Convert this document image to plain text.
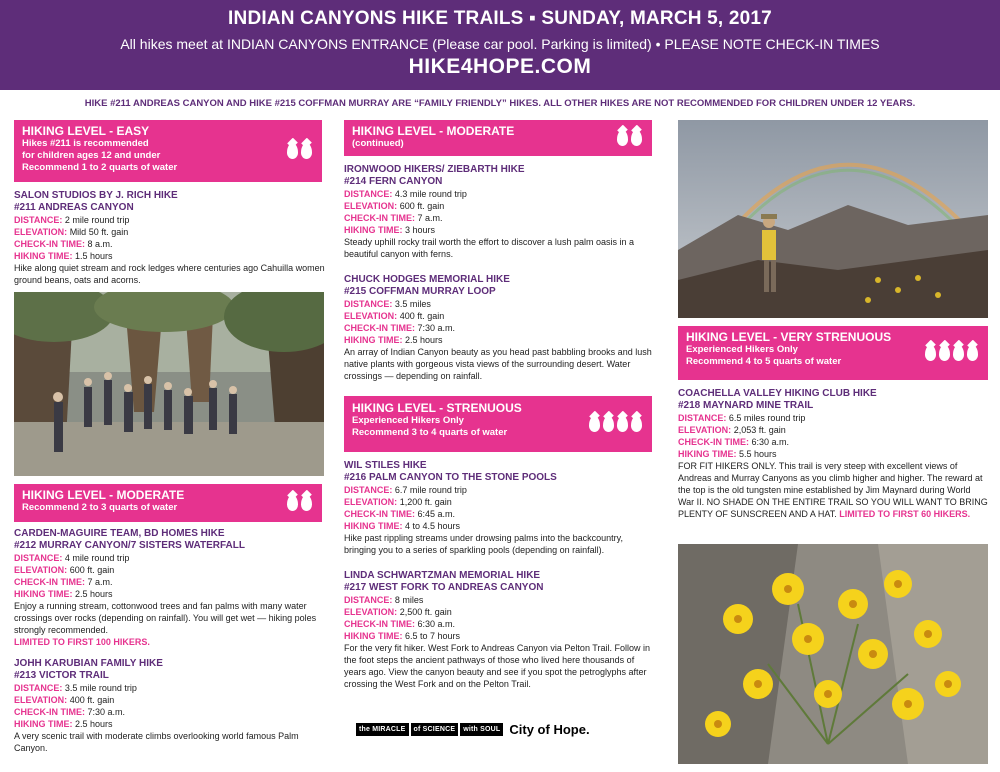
INDIAN CANYONS HIKE TRAILS ▪ SUNDAY, MARCH 5, 2017
All hikes meet at INDIAN CANYONS ENTRANCE (Please car pool. Parking is limited) • PLEASE NOTE CHECK-IN TIMES
HIKE4HOPE.COM
HIKE #211 ANDREAS CANYON AND HIKE #215 COFFMAN MURRAY ARE “FAMILY FRIENDLY” HIKES. ALL OTHER HIKES ARE NOT RECOMMENDED FOR CHILDREN UNDER 12 YEARS.
HIKING LEVEL - EASY
Hikes #211 is recommended
for children ages 12 and under
Recommend 1 to 2 quarts of water
SALON STUDIOS BY J. RICH HIKE
#211 ANDREAS CANYON
DISTANCE: 2 mile round trip
ELEVATION: Mild 50 ft. gain
CHECK-IN TIME: 8 a.m.
HIKING TIME: 1.5 hours
Hike along quiet stream and rock ledges where centuries ago Cahuilla women ground beans, oats and acorns.
HIKING LEVEL - MODERATE
Recommend 2 to 3 quarts of water
CARDEN-MAGUIRE TEAM, BD HOMES HIKE
#212 MURRAY CANYON/7 SISTERS WATERFALL
DISTANCE: 4 mile round trip
ELEVATION: 600 ft. gain
CHECK-IN TIME: 7 a.m.
HIKING TIME: 2.5 hours
Enjoy a running stream, cottonwood trees and fan palms with many water crossings over rocks (depending on rainfall). You will get wet — hiking poles strongly recommended.
LIMITED TO FIRST 100 HIKERS.
JOHH KARUBIAN FAMILY HIKE
#213 VICTOR TRAIL
DISTANCE: 3.5 mile round trip
ELEVATION: 400 ft. gain
CHECK-IN TIME: 7:30 a.m.
HIKING TIME: 2.5 hours
A very scenic trail with moderate climbs overlooking world famous Palm Canyon.
HIKING LEVEL - MODERATE
(continued)
IRONWOOD HIKERS/ ZIEBARTH HIKE
#214 FERN CANYON
DISTANCE: 4.3 mile round trip
ELEVATION: 600 ft. gain
CHECK-IN TIME: 7 a.m.
HIKING TIME: 3 hours
Steady uphill rocky trail worth the effort to discover a lush palm oasis in a beautiful canyon with ferns.
CHUCK HODGES MEMORIAL HIKE
#215 COFFMAN MURRAY LOOP
DISTANCE: 3.5 miles
ELEVATION: 400 ft. gain
CHECK-IN TIME: 7:30 a.m.
HIKING TIME: 2.5 hours
An array of Indian Canyon beauty as you head past babbling brooks and lush native plants with gorgeous vista views of the surrounding desert. Water crossings — depending on rainfall.
HIKING LEVEL - STRENUOUS
Experienced Hikers Only
Recommend 3 to 4 quarts of water
WIL STILES HIKE
#216 PALM CANYON TO THE STONE POOLS
DISTANCE: 6.7 mile round trip
ELEVATION: 1,200 ft. gain
CHECK-IN TIME: 6:45 a.m.
HIKING TIME: 4 to 4.5 hours
Hike past rippling streams under drowsing palms into the backcountry, bringing you to a series of sparkling pools (depending on rainfall).
LINDA SCHWARTZMAN MEMORIAL HIKE
#217 WEST FORK TO ANDREAS CANYON
DISTANCE: 8 miles
ELEVATION: 2,500 ft. gain
CHECK-IN TIME: 6:30 a.m.
HIKING TIME: 6.5 to 7 hours
For the very fit hiker. West Fork to Andreas Canyon via Pelton Trail. Follow in the foot steps the ancient pathways of those who lived here thousands of years ago. View the canyon beauty and see if you spot the petroglyphs after crossing the West Fork and on the Pelton Trail.
the MIRACLE	of SCIENCE	with SOUL City of Hope.
HIKING LEVEL - VERY STRENUOUS
Experienced Hikers Only
Recommend 4 to 5 quarts of water
COACHELLA VALLEY HIKING CLUB HIKE
#218 MAYNARD MINE TRAIL
DISTANCE: 6.5 miles round trip
ELEVATION: 2,053 ft. gain
CHECK-IN TIME: 6:30 a.m.
HIKING TIME: 5.5 hours
FOR FIT HIKERS ONLY. This trail is very steep with excellent views of Andreas and Murray Canyons as you climb higher and higher. The reward at the top is the old tungsten mine established by Jim Maynard during World War II. NO SHADE ON THE ENTIRE TRAIL SO YOU WILL WANT TO BRING PLENTY OF SUNSCREEN AND A HAT. LIMITED TO FIRST 60 HIKERS.
